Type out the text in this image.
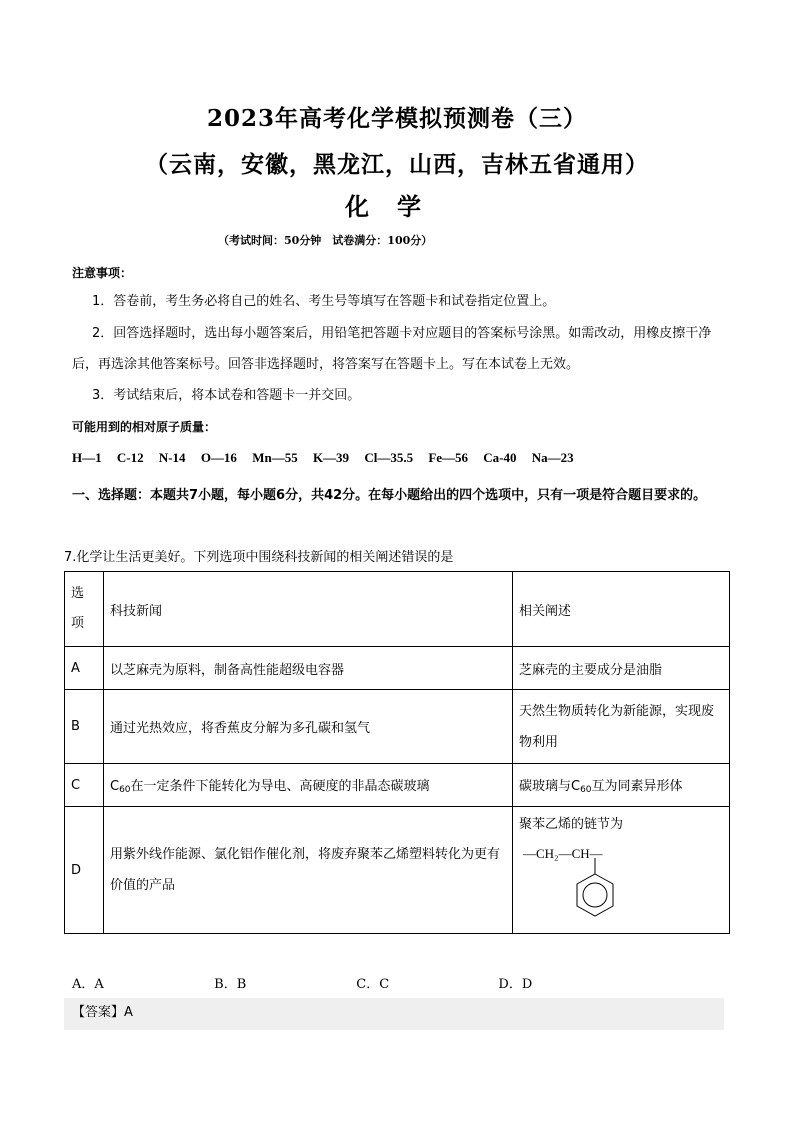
2023年高考化学模拟预测卷（三）
（云南，安徽，黑龙江，山西，吉林五省通用）
化学
（考试时间：50分钟　试卷满分：100分）
注意事项：
1．答卷前，考生务必将自己的姓名、考生号等填写在答题卡和试卷指定位置上。
2．回答选择题时，选出每小题答案后，用铅笔把答题卡对应题目的答案标号涂黑。如需改动，用橡皮擦干净后，再选涂其他答案标号。回答非选择题时，将答案写在答题卡上。写在本试卷上无效。
3．考试结束后，将本试卷和答题卡一并交回。
可能用到的相对原子质量：
H—1 C-12 N-14 O—16 Mn—55 K—39 Cl—35.5 Fe—56 Ca-40 Na—23
一、选择题：本题共7小题，每小题6分，共42分。在每小题给出的四个选项中，只有一项是符合题目要求的。
7.化学让生活更美好。下列选项中围绕科技新闻的相关阐述错误的是
选项	科技新闻	相关阐述
A	以芝麻壳为原料，制备高性能超级电容器	芝麻壳的主要成分是油脂
B	通过光热效应，将香蕉皮分解为多孔碳和氢气	天然生物质转化为新能源，实现废物利用

C	$C_{60}$在一定条件下能转化为导电、高硬度的非晶态碳玻璃	碳玻璃与$C_{60}$互为同素异形体
D	用紫外线作能源、氯化铝作催化剂，将废弃聚苯乙烯塑料转化为更有价值的产品	聚苯乙烯的链节为
—CH₂—CH—
A．A	B．B	C．C	D．D
【答案】A
